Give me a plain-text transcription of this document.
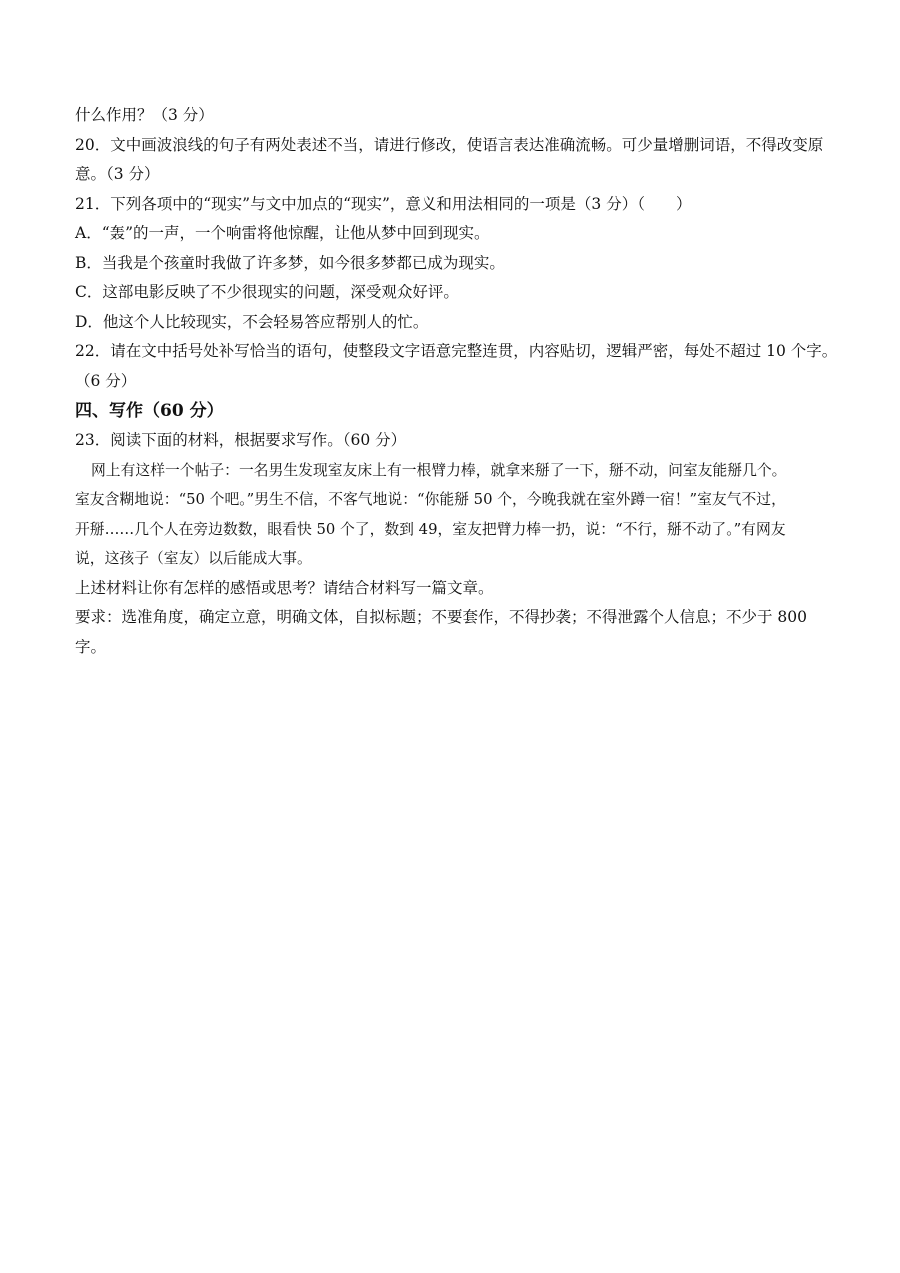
什么作用？（3 分）
20．文中画波浪线的句子有两处表述不当，请进行修改，使语言表达准确流畅。可少量增删词语，不得改变原
意。（3 分）
21．下列各项中的“现实”与文中加点的“现实”，意义和用法相同的一项是（3 分）（　　）
A．“轰”的一声，一个响雷将他惊醒，让他从梦中回到现实。
B．当我是个孩童时我做了许多梦，如今很多梦都已成为现实。
C．这部电影反映了不少很现实的问题，深受观众好评。
D．他这个人比较现实，不会轻易答应帮别人的忙。
22．请在文中括号处补写恰当的语句，使整段文字语意完整连贯，内容贴切，逻辑严密，每处不超过 10 个字。
（6 分）
四、写作（60 分）
23．阅读下面的材料，根据要求写作。（60 分）
网上有这样一个帖子：一名男生发现室友床上有一根臂力棒，就拿来掰了一下，掰不动，问室友能掰几个。
室友含糊地说：“50 个吧。”男生不信，不客气地说：“你能掰 50 个，今晚我就在室外蹲一宿！”室友气不过，
开掰……几个人在旁边数数，眼看快 50 个了，数到 49，室友把臂力棒一扔，说：“不行，掰不动了。”有网友
说，这孩子（室友）以后能成大事。
上述材料让你有怎样的感悟或思考？请结合材料写一篇文章。
要求：选准角度，确定立意，明确文体，自拟标题；不要套作，不得抄袭；不得泄露个人信息；不少于 800
字。
